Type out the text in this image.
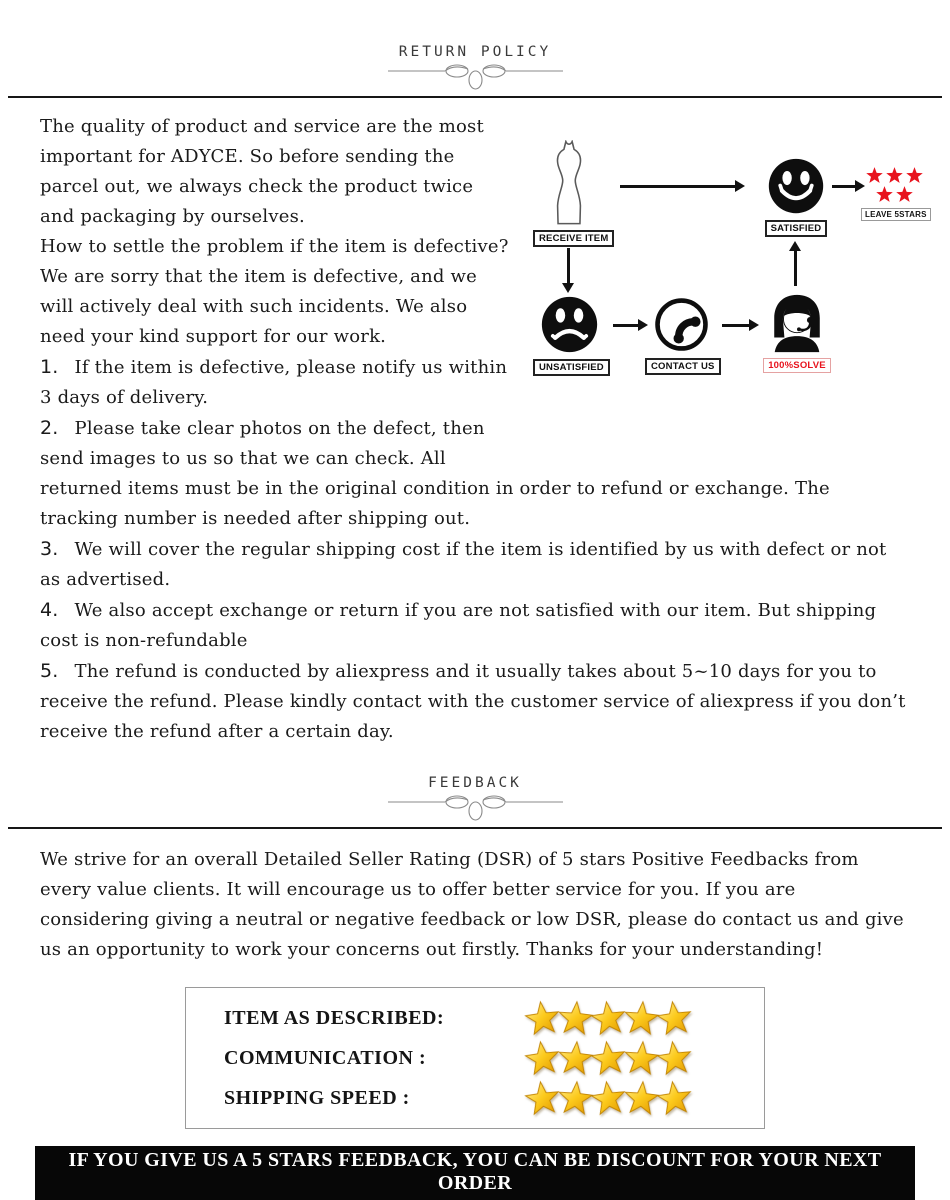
RETURN POLICY
RECEIVE ITEM
SATISFIED
LEAVE 5STARS
UNSATISFIED	CONTACT US	100%SOLVE

The quality of product and service are the most important for ADYCE. So before sending the parcel out, we always check the product twice and packaging by ourselves.

How to settle the problem if the item is defective? We are sorry that the item is defective, and we will actively deal with such incidents. We also need your kind support for our work.

1. If the item is defective, please notify us within 3 days of delivery.

2. Please take clear photos on the defect, then send images to us so that we can check. All returned items must be in the original condition in order to refund or exchange. The tracking number is needed after shipping out.

3. We will cover the regular shipping cost if the item is identified by us with defect or not as advertised.

4. We also accept exchange or return if you are not satisfied with our item. But shipping cost is non-refundable

5. The refund is conducted by aliexpress and it usually takes about 5~10 days for you to receive the refund. Please kindly contact with the customer service of aliexpress if you don’t receive the refund after a certain day.

FEEDBACK

We strive for an overall Detailed Seller Rating (DSR) of 5 stars Positive Feedbacks from every value clients. It will encourage us to offer better service for you. If you are considering giving a neutral or negative feedback or low DSR, please do contact us and give us an opportunity to work your concerns out firstly. Thanks for your understanding!

ITEM AS DESCRIBED:
COMMUNICATION :
SHIPPING SPEED :
IF YOU GIVE US A 5 STARS FEEDBACK, YOU CAN BE DISCOUNT FOR YOUR NEXT ORDER
